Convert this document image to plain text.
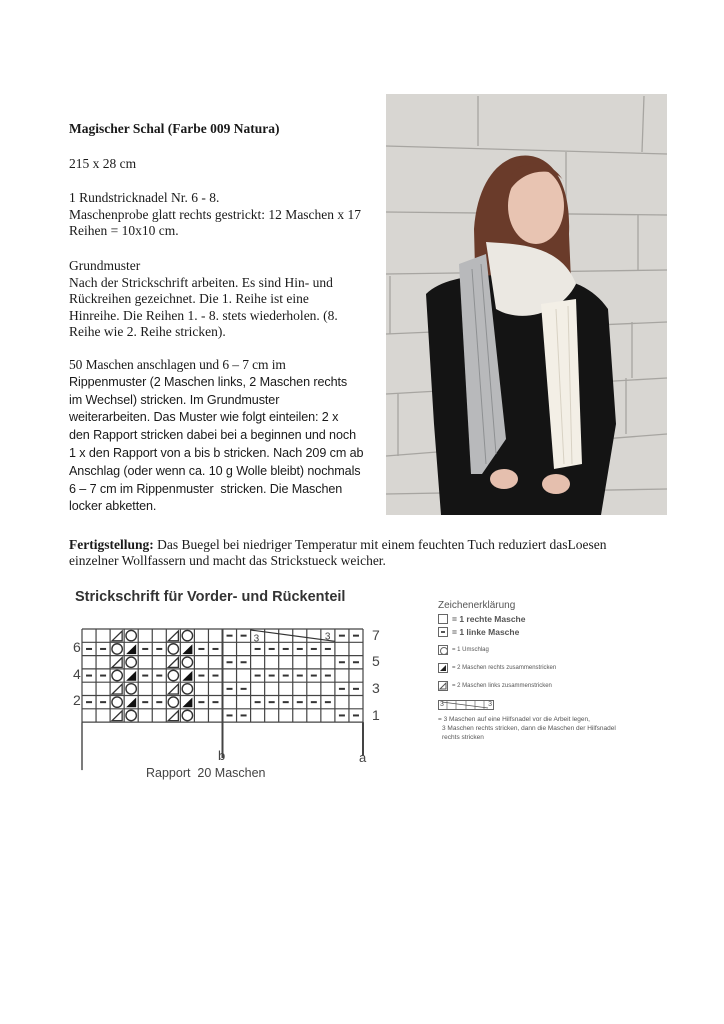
Magischer Schal (Farbe 009 Natura)
215 x 28 cm
1 Rundstricknadel Nr. 6 - 8.
Maschenprobe glatt rechts gestrickt: 12 Maschen x 17
Reihen = 10x10 cm.
Grundmuster
Nach der Strickschrift arbeiten. Es sind Hin- und
Rückreihen gezeichnet. Die 1. Reihe ist eine
Hinreihe. Die Reihen 1. - 8. stets wiederholen. (8.
Reihe wie 2. Reihe stricken).
50 Maschen anschlagen und 6 – 7 cm im
Rippenmuster (2 Maschen links, 2 Maschen rechts
im Wechsel) stricken. Im Grundmuster
weiterarbeiten. Das Muster wie folgt einteilen: 2 x
den Rapport stricken dabei bei a beginnen und noch
1 x den Rapport von a bis b stricken. Nach 209 cm ab
Anschlag (oder wenn ca. 10 g Wolle bleibt) nochmals
6 – 7 cm im Rippenmuster  stricken. Die Maschen
locker abketten.
Fertigstellung: Das Buegel bei niedriger Temperatur mit einem feuchten Tuch reduziert dasLoesen
einzelner Wollfassern und macht das Strickstueck weicher.
Strickschrift für Vorder- und Rückenteil
3	3
6
4
2
7
5
3
1
b	a
Rapport  20 Maschen
Zeichenerklärung
= 1 rechte Masche
= 1 linke Masche
= 1 Umschlag
= 2 Maschen rechts zusammenstricken
= 2 Maschen links zusammenstricken
3	3
= 3 Maschen auf eine Hilfsnadel vor die Arbeit legen,
3 Maschen rechts stricken, dann die Maschen der Hilfsnadel
rechts stricken
